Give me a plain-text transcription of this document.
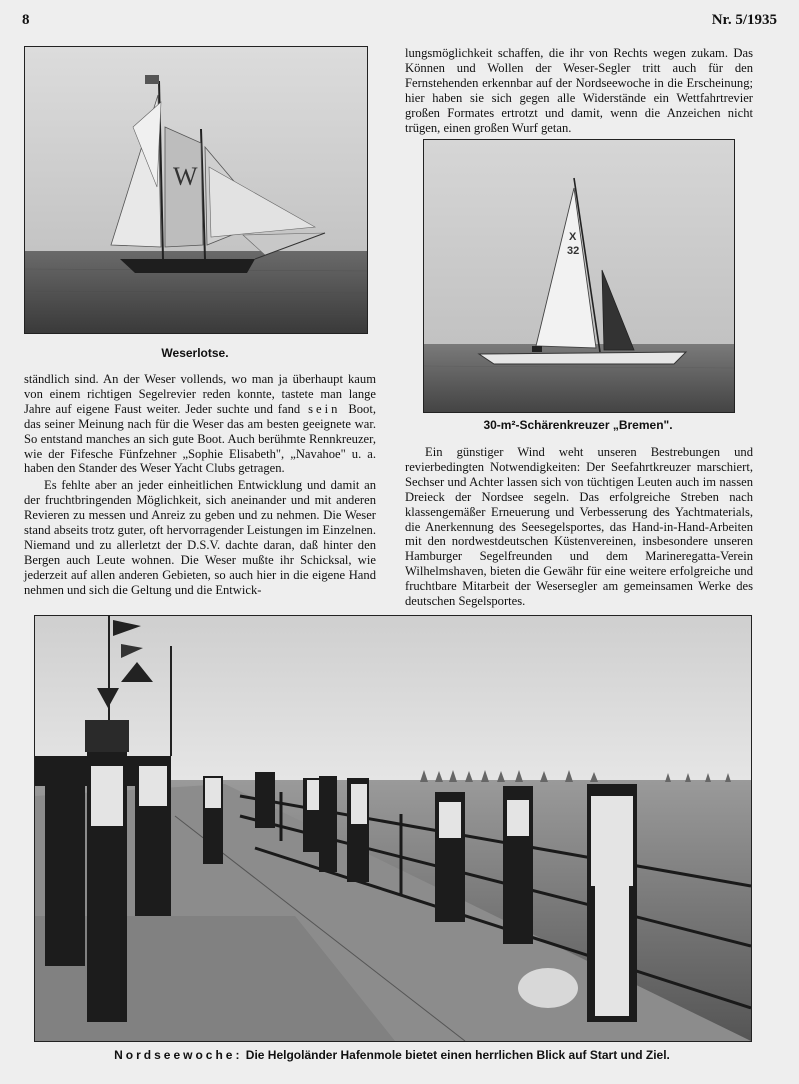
8	Nr. 5/1935
W
Weserlotse.

lungsmöglichkeit schaffen, die ihr von Rechts wegen zukam. Das Können und Wollen der Weser-Segler tritt auch für den Fernstehenden erkennbar auf der Nordseewoche in die Erscheinung; hier haben sie sich gegen alle Widerstände ein Wettfahrtrevier großen Formates ertrotzt und damit, wenn die Anzeichen nicht trügen, einen großen Wurf getan.

X
32
30-m²-Schärenkreuzer „Bremen".

ständlich sind. An der Weser vollends, wo man ja überhaupt kaum von einem richtigen Segelrevier reden konnte, tastete man lange Jahre auf eigene Faust weiter. Jeder suchte und fand sein Boot, das seiner Meinung nach für die Weser das am besten geeignete war. So entstand manches an sich gute Boot. Auch berühmte Rennkreuzer, wie der Fifesche Fünfzehner „Sophie Elisabeth", „Navahoe" u. a. haben den Stander des Weser Yacht Clubs getragen.

Es fehlte aber an jeder einheitlichen Entwicklung und damit an der fruchtbringenden Möglichkeit, sich aneinander und mit anderen Revieren zu messen und Anreiz zu geben und zu nehmen. Die Weser stand abseits trotz guter, oft hervorragender Leistungen im Einzelnen. Niemand und zu allerletzt der D.S.V. dachte daran, daß hinter den Bergen auch Leute wohnen. Die Weser mußte ihr Schicksal, wie jederzeit auf allen anderen Gebieten, so auch hier in die eigene Hand nehmen und sich die Geltung und die Entwick-

Ein günstiger Wind weht unseren Bestrebungen und revierbedingten Notwendigkeiten: Der Seefahrtkreuzer marschiert, Sechser und Achter lassen sich von tüchtigen Leuten auch im nassen Dreieck der Nordsee segeln. Das erfolgreiche Streben nach klassengemäßer Erneuerung und Verbesserung des Yachtmaterials, die Anerkennung des Seesegelsportes, das Hand-in-Hand-Arbeiten mit den nordwestdeutschen Küstenvereinen, insbesondere unseren Hamburger Segelfreunden und dem Marineregatta-Verein Wilhelmshaven, bieten die Gewähr für eine weitere erfolgreiche und fruchtbare Mitarbeit der Wesersegler am gemeinsamen Werke des deutschen Segelsportes.

Nordseewoche: Die Helgoländer Hafenmole bietet einen herrlichen Blick auf Start und Ziel.
